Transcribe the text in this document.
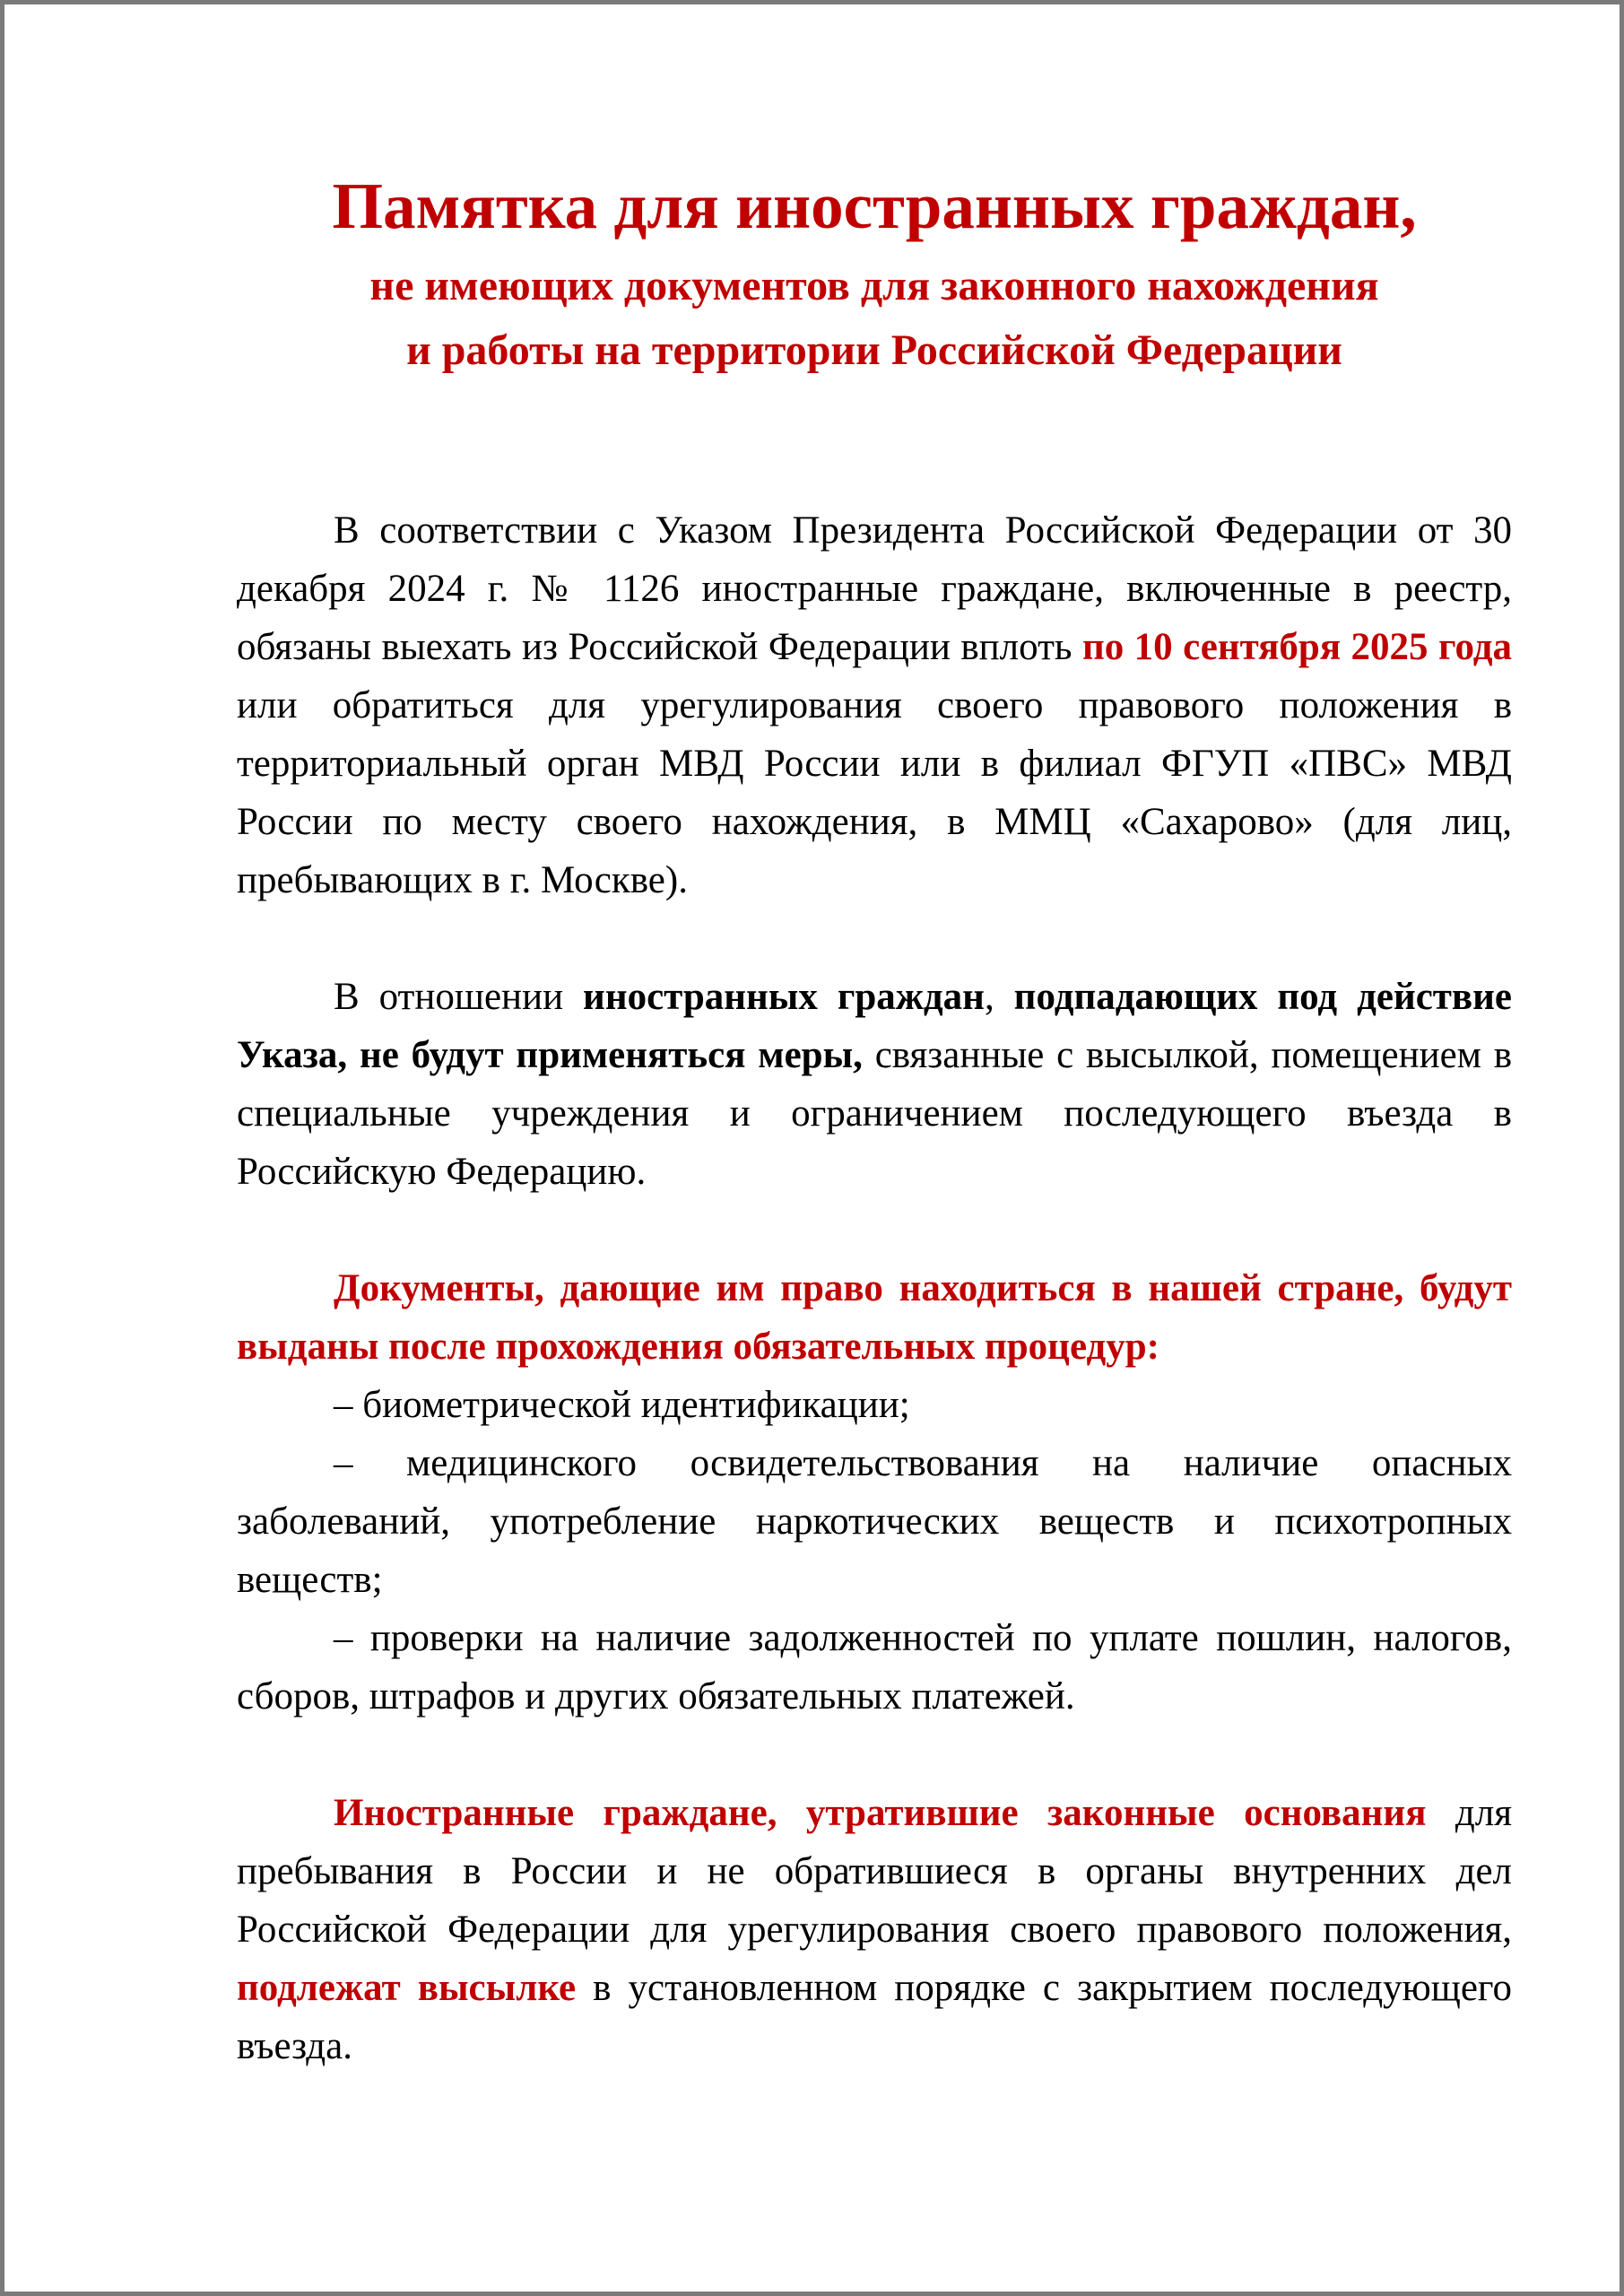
Памятка для иностранных граждан,
не имеющих документов для законного нахождения
и работы на территории Российской Федерации

В соответствии с Указом Президента Российской Федерации от 30 декабря 2024 г. № 1126 иностранные граждане, включенные в реестр, обязаны выехать из Российской Федерации вплоть по 10 сентября 2025 года или обратиться для урегулирования своего правового положения в территориальный орган МВД России или в филиал ФГУП «ПВС» МВД России по месту своего нахождения, в ММЦ «Сахарово» (для лиц, пребывающих в г. Москве).

В отношении иностранных граждан, подпадающих под действие Указа, не будут применяться меры, связанные с высылкой, помещением в специальные учреждения и ограничением последующего въезда в Российскую Федерацию.

Документы, дающие им право находиться в нашей стране, будут выданы после прохождения обязательных процедур:

– биометрической идентификации;

– медицинского освидетельствования на наличие опасных заболеваний, употребление наркотических веществ и психотропных веществ;

– проверки на наличие задолженностей по уплате пошлин, налогов, сборов, штрафов и других обязательных платежей.

Иностранные граждане, утратившие законные основания для пребывания в России и не обратившиеся в органы внутренних дел Российской Федерации для урегулирования своего правового положения, подлежат высылке в установленном порядке с закрытием последующего въезда.
